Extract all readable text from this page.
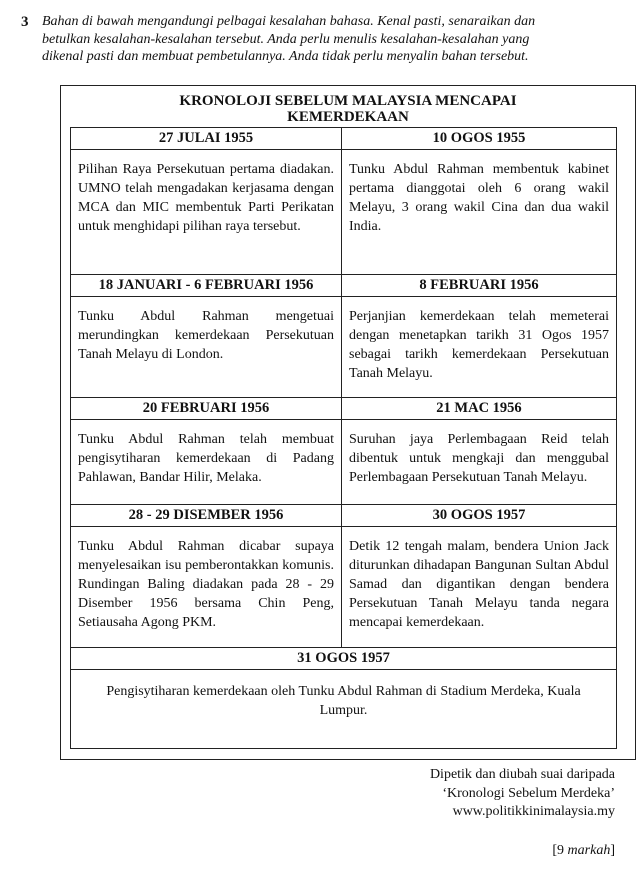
3 Bahan di bawah mengandungi pelbagai kesalahan bahasa. Kenal pasti, senaraikan dan
betulkan kesalahan-kesalahan tersebut. Anda perlu menulis kesalahan-kesalahan yang
dikenal pasti dan membuat pembetulannya. Anda tidak perlu menyalin bahan tersebut.
KRONOLOJI SEBELUM MALAYSIA MENCAPAI
KEMERDEKAAN
27 JULAI 1955
Pilihan Raya Persekutuan pertama diadakan. UMNO telah mengadakan kerjasama dengan MCA dan MIC membentuk Parti Perikatan untuk menghidapi pilihan raya tersebut.
10 OGOS 1955
Tunku Abdul Rahman membentuk kabinet pertama dianggotai oleh 6 orang wakil Melayu, 3 orang wakil Cina dan dua wakil India.
18 JANUARI - 6 FEBRUARI 1956
Tunku Abdul Rahman mengetuai merundingkan kemerdekaan Persekutuan Tanah Melayu di London.
8 FEBRUARI 1956
Perjanjian kemerdekaan telah memeterai dengan menetapkan tarikh 31 Ogos 1957 sebagai tarikh kemerdekaan Persekutuan Tanah Melayu.
20 FEBRUARI 1956
Tunku Abdul Rahman telah membuat pengisytiharan kemerdekaan di Padang Pahlawan, Bandar Hilir, Melaka.
21 MAC 1956
Suruhan jaya Perlembagaan Reid telah dibentuk untuk mengkaji dan menggubal Perlembagaan Persekutuan Tanah Melayu.
28 - 29 DISEMBER 1956
Tunku Abdul Rahman dicabar supaya menyelesaikan isu pemberontakkan komunis. Rundingan Baling diadakan pada 28 - 29 Disember 1956 bersama Chin Peng, Setiausaha Agong PKM.
30 OGOS 1957
Detik 12 tengah malam, bendera Union Jack diturunkan dihadapan Bangunan Sultan Abdul Samad dan digantikan dengan bendera Persekutuan Tanah Melayu tanda negara mencapai kemerdekaan.
31 OGOS 1957
Pengisytiharan kemerdekaan oleh Tunku Abdul Rahman di Stadium Merdeka, Kuala Lumpur.
Dipetik dan diubah suai daripada
‘Kronologi Sebelum Merdeka’
www.politikkinimalaysia.my
[9 markah]
